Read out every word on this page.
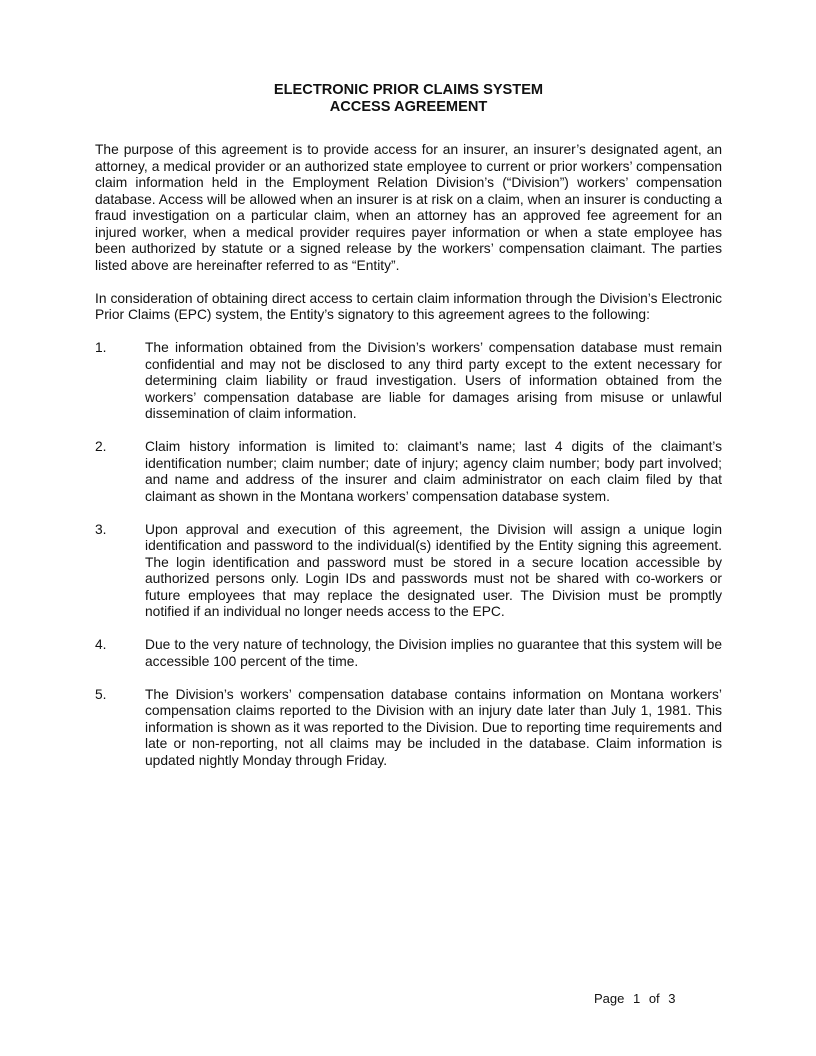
ELECTRONIC PRIOR CLAIMS SYSTEM
ACCESS AGREEMENT

The purpose of this agreement is to provide access for an insurer, an insurer’s designated agent, an attorney, a medical provider or an authorized state employee to current or prior workers’ compensation claim information held in the Employment Relation Division’s (“Division”) workers’ compensation database. Access will be allowed when an insurer is at risk on a claim, when an insurer is conducting a fraud investigation on a particular claim, when an attorney has an approved fee agreement for an injured worker, when a medical provider requires payer information or when a state employee has been authorized by statute or a signed release by the workers’ compensation claimant. The parties listed above are hereinafter referred to as “Entity”.

In consideration of obtaining direct access to certain claim information through the Division’s Electronic Prior Claims (EPC) system, the Entity’s signatory to this agreement agrees to the following:

1.	The information obtained from the Division’s workers’ compensation database must remain confidential and may not be disclosed to any third party except to the extent necessary for determining claim liability or fraud investigation. Users of information obtained from the workers’ compensation database are liable for damages arising from misuse or unlawful dissemination of claim information.
2.	Claim history information is limited to: claimant’s name; last 4 digits of the claimant’s identification number; claim number; date of injury; agency claim number; body part involved; and name and address of the insurer and claim administrator on each claim filed by that claimant as shown in the Montana workers’ compensation database system.
3.	Upon approval and execution of this agreement, the Division will assign a unique login identification and password to the individual(s) identified by the Entity signing this agreement. The login identification and password must be stored in a secure location accessible by authorized persons only. Login IDs and passwords must not be shared with co-workers or future employees that may replace the designated user. The Division must be promptly notified if an individual no longer needs access to the EPC.
4.	Due to the very nature of technology, the Division implies no guarantee that this system will be accessible 100 percent of the time.
5.	The Division’s workers’ compensation database contains information on Montana workers’ compensation claims reported to the Division with an injury date later than July 1, 1981. This information is shown as it was reported to the Division. Due to reporting time requirements and late or non-reporting, not all claims may be included in the database. Claim information is updated nightly Monday through Friday.
Page 1 of 3
